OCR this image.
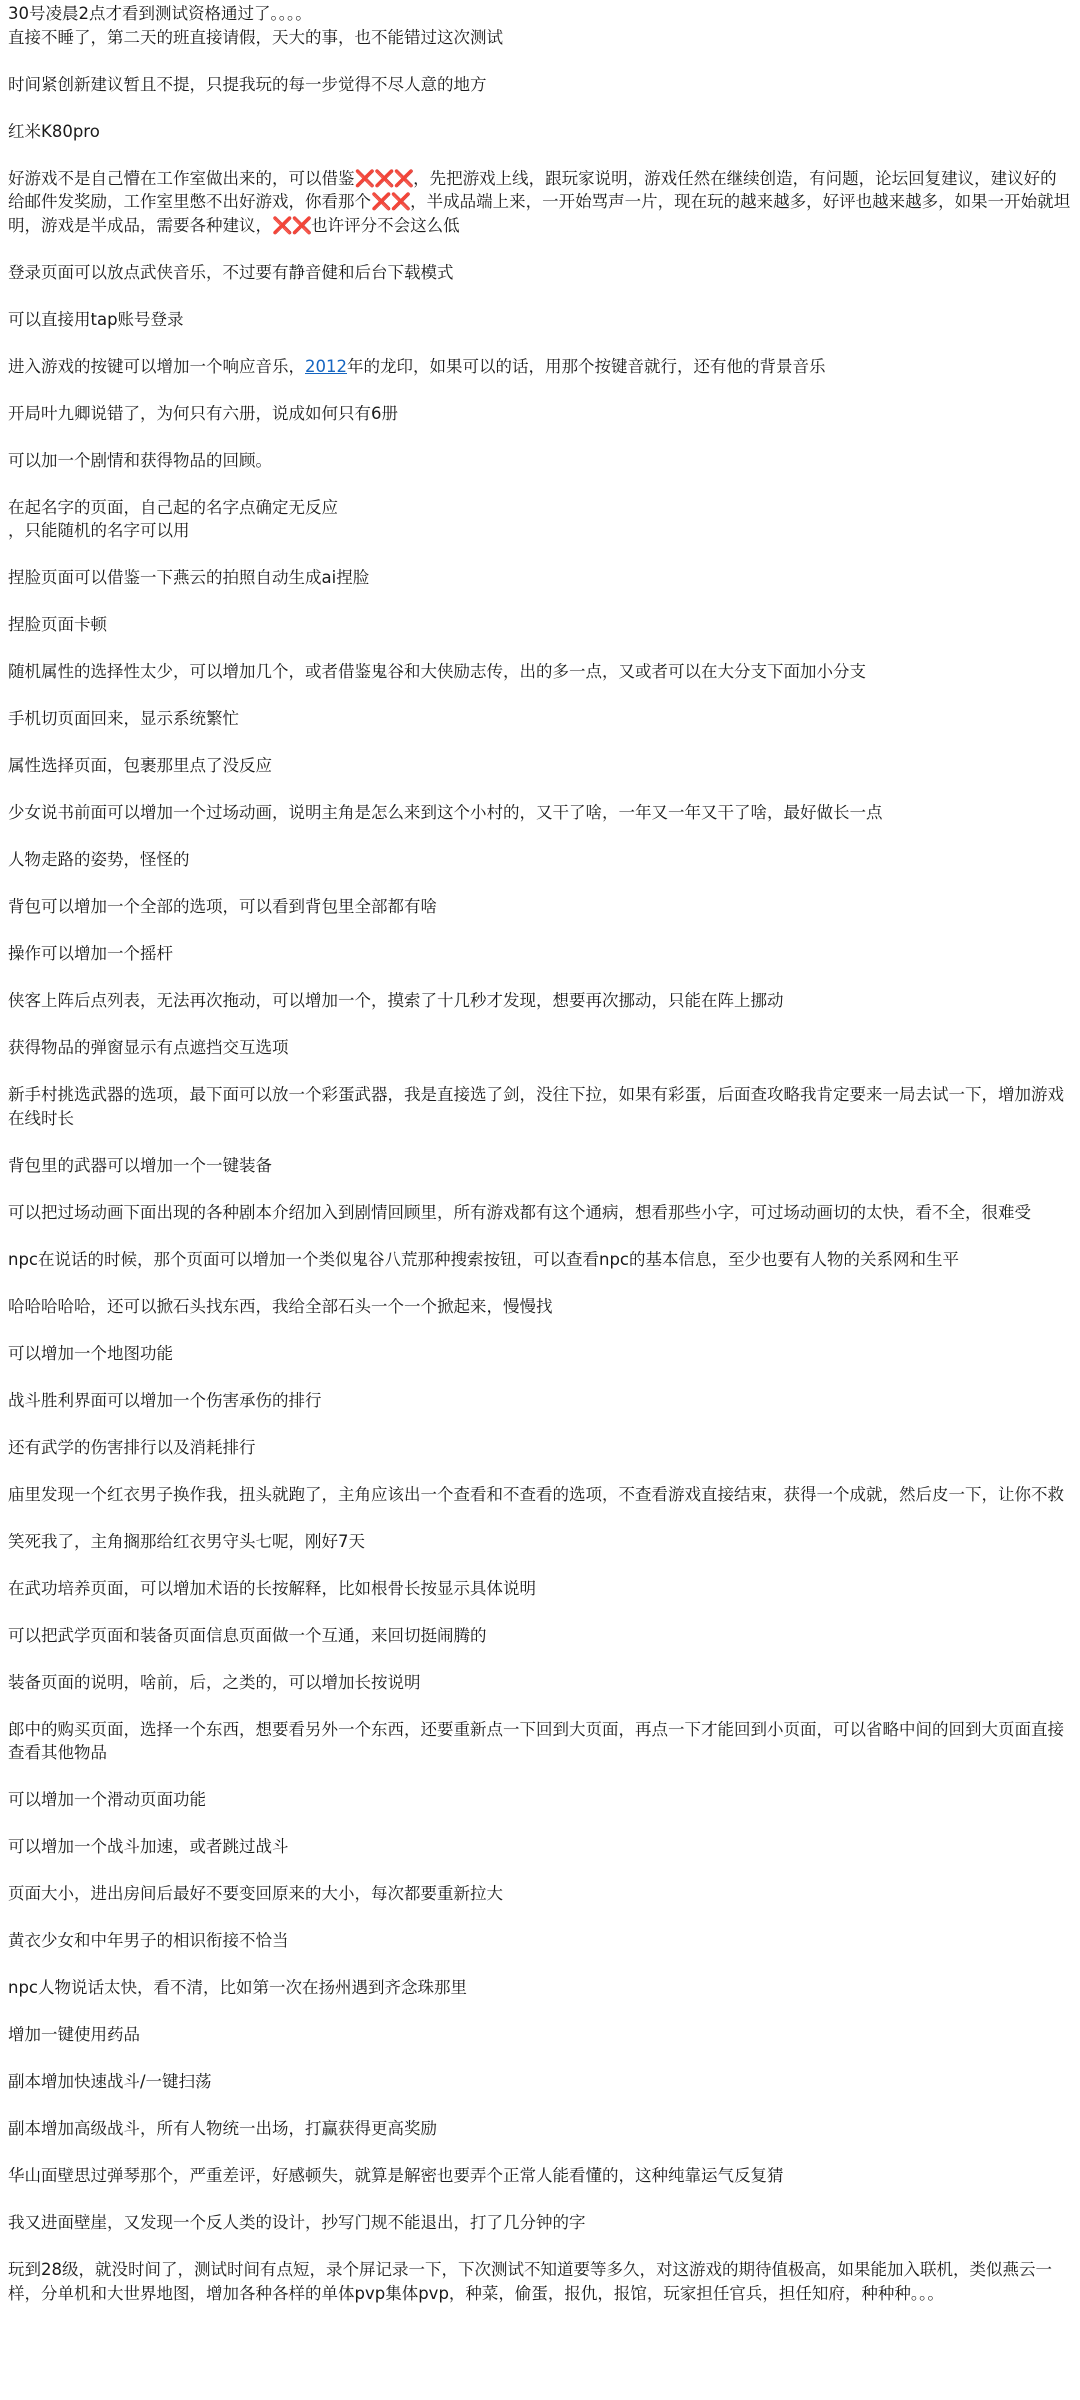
30号凌晨2点才看到测试资格通过了。。。。
直接不睡了，第二天的班直接请假，天大的事，也不能错过这次测试
时间紧创新建议暂且不提，只提我玩的每一步觉得不尽人意的地方
红米K80pro
好游戏不是自己懵在工作室做出来的，可以借鉴❌❌❌，先把游戏上线，跟玩家说明，游戏任然在继续创造，有问题，论坛回复建议，建议好的给邮件发奖励，工作室里憋不出好游戏，你看那个❌❌，半成品端上来，一开始骂声一片，现在玩的越来越多，好评也越来越多，如果一开始就坦明，游戏是半成品，需要各种建议，❌❌也许评分不会这么低
登录页面可以放点武侠音乐，不过要有静音健和后台下载模式
可以直接用tap账号登录
进入游戏的按键可以增加一个响应音乐，2012年的龙印，如果可以的话，用那个按键音就行，还有他的背景音乐
开局叶九卿说错了，为何只有六册，说成如何只有6册
可以加一个剧情和获得物品的回顾。
在起名字的页面，自己起的名字点确定无反应
，只能随机的名字可以用
捏脸页面可以借鉴一下燕云的拍照自动生成ai捏脸
捏脸页面卡顿
随机属性的选择性太少，可以增加几个，或者借鉴鬼谷和大侠励志传，出的多一点，又或者可以在大分支下面加小分支
手机切页面回来，显示系统繁忙
属性选择页面，包裹那里点了没反应
少女说书前面可以增加一个过场动画，说明主角是怎么来到这个小村的，又干了啥，一年又一年又干了啥，最好做长一点
人物走路的姿势，怪怪的
背包可以增加一个全部的选项，可以看到背包里全部都有啥
操作可以增加一个摇杆
侠客上阵后点列表，无法再次拖动，可以增加一个，摸索了十几秒才发现，想要再次挪动，只能在阵上挪动
获得物品的弹窗显示有点遮挡交互选项
新手村挑选武器的选项，最下面可以放一个彩蛋武器，我是直接选了剑，没往下拉，如果有彩蛋，后面查攻略我肯定要来一局去试一下，增加游戏在线时长
背包里的武器可以增加一个一键装备
可以把过场动画下面出现的各种剧本介绍加入到剧情回顾里，所有游戏都有这个通病，想看那些小字，可过场动画切的太快，看不全，很难受
npc在说话的时候，那个页面可以增加一个类似鬼谷八荒那种搜索按钮，可以查看npc的基本信息，至少也要有人物的关系网和生平
哈哈哈哈哈，还可以掀石头找东西，我给全部石头一个一个掀起来，慢慢找
可以增加一个地图功能
战斗胜利界面可以增加一个伤害承伤的排行
还有武学的伤害排行以及消耗排行
庙里发现一个红衣男子换作我，扭头就跑了，主角应该出一个查看和不查看的选项，不查看游戏直接结束，获得一个成就，然后皮一下，让你不救
笑死我了，主角搁那给红衣男守头七呢，刚好7天
在武功培养页面，可以增加术语的长按解释，比如根骨长按显示具体说明
可以把武学页面和装备页面信息页面做一个互通，来回切挺闹腾的
装备页面的说明，啥前，后，之类的，可以增加长按说明
郎中的购买页面，选择一个东西，想要看另外一个东西，还要重新点一下回到大页面，再点一下才能回到小页面，可以省略中间的回到大页面直接查看其他物品
可以增加一个滑动页面功能
可以增加一个战斗加速，或者跳过战斗
页面大小，进出房间后最好不要变回原来的大小，每次都要重新拉大
黄衣少女和中年男子的相识衔接不恰当
npc人物说话太快，看不清，比如第一次在扬州遇到齐念珠那里
增加一键使用药品
副本增加快速战斗/一键扫荡
副本增加高级战斗，所有人物统一出场，打赢获得更高奖励
华山面壁思过弹琴那个，严重差评，好感顿失，就算是解密也要弄个正常人能看懂的，这种纯靠运气反复猜
我又进面壁崖，又发现一个反人类的设计，抄写门规不能退出，打了几分钟的字
玩到28级，就没时间了，测试时间有点短，录个屏记录一下，下次测试不知道要等多久，对这游戏的期待值极高，如果能加入联机，类似燕云一样，分单机和大世界地图，增加各种各样的单体pvp集体pvp，种菜，偷蛋，报仇，报馆，玩家担任官兵，担任知府，种种种。。。
